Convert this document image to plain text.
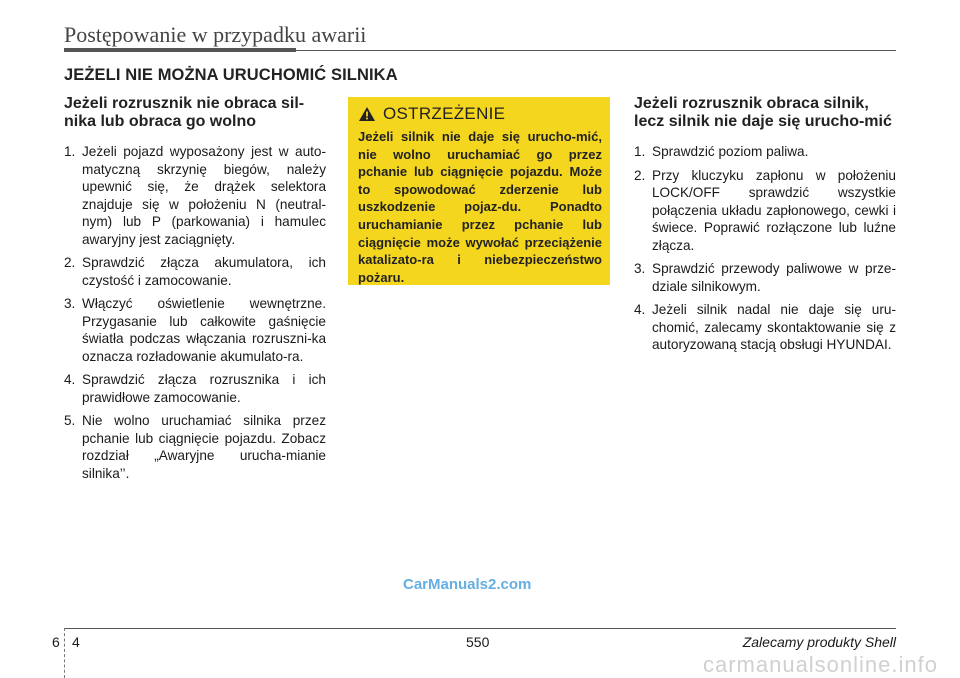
Postępowanie w przypadku awarii
JEŻELI NIE MOŻNA URUCHOMIĆ SILNIKA
Jeżeli rozrusznik nie obraca sil-nika lub obraca go wolno
1. Jeżeli pojazd wyposażony jest w auto-matyczną skrzynię biegów, należy upewnić się, że drążek selektora znajduje się w położeniu N (neutral-nym) lub P (parkowania) i hamulec awaryjny jest zaciągnięty.
2. Sprawdzić złącza akumulatora, ich czystość i zamocowanie.
3. Włączyć oświetlenie wewnętrzne. Przygasanie lub całkowite gaśnięcie światła podczas włączania rozruszni-ka oznacza rozładowanie akumulato-ra.
4. Sprawdzić złącza rozrusznika i ich prawidłowe zamocowanie.
5. Nie wolno uruchamiać silnika przez pchanie lub ciągnięcie pojazdu. Zobacz rozdział „Awaryjne urucha-mianie silnika’’.
OSTRZEŻENIE
Jeżeli silnik nie daje się urucho-mić, nie wolno uruchamiać go przez pchanie lub ciągnięcie pojazdu. Może to spowodować zderzenie lub uszkodzenie pojaz-du. Ponadto uruchamianie przez pchanie lub ciągnięcie może wywołać przeciążenie katalizato-ra i niebezpieczeństwo pożaru.
Jeżeli rozrusznik obraca silnik, lecz silnik nie daje się urucho-mić
1. Sprawdzić poziom paliwa.
2. Przy kluczyku zapłonu w położeniu LOCK/OFF sprawdzić wszystkie połączenia układu zapłonowego, cewki i świece. Poprawić rozłączone lub luźne złącza.
3. Sprawdzić przewody paliwowe w prze-dziale silnikowym.
4. Jeżeli silnik nadal nie daje się uru-chomić, zalecamy skontaktowanie się z autoryzowaną stacją obsługi HYUNDAI.
CarManuals2.com
6 4	550	Zalecamy produkty Shell
carmanualsonline.info
